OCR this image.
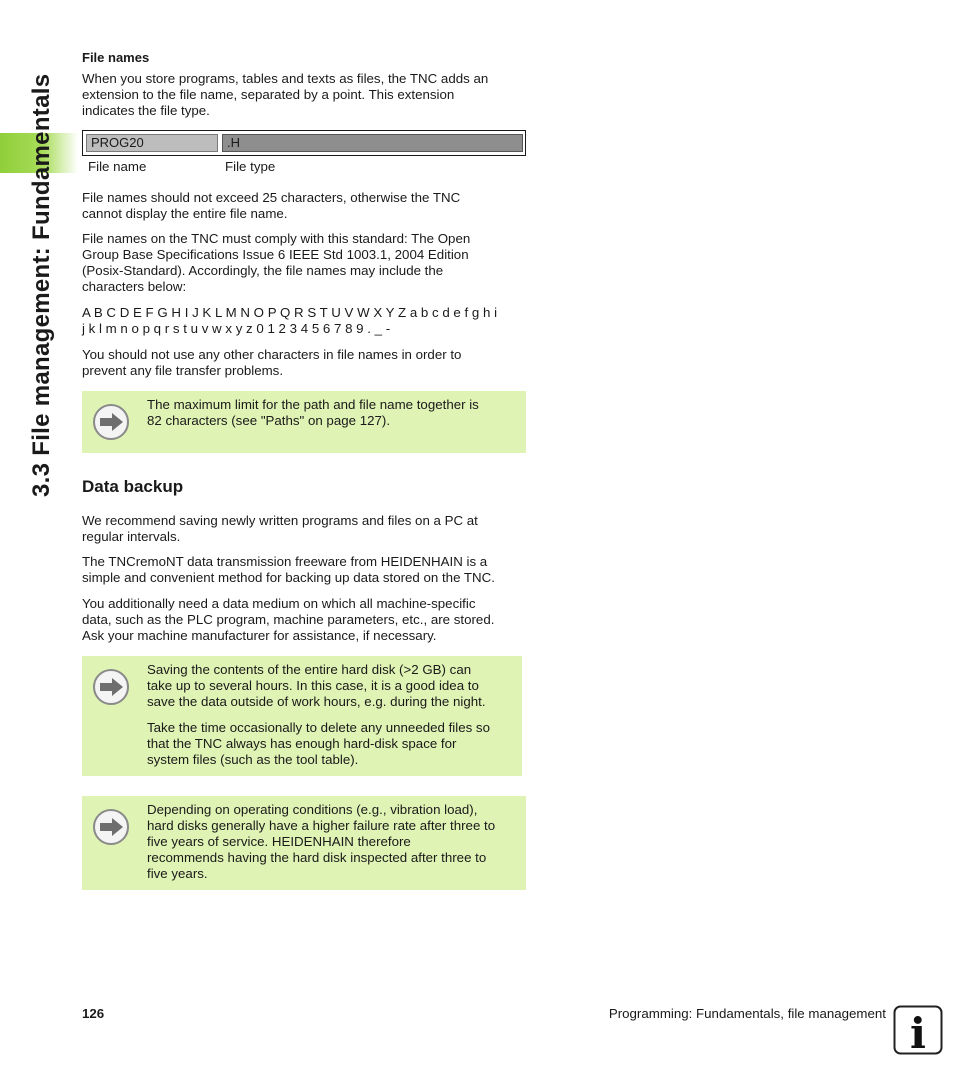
3.3 File management: Fundamentals
File names

When you store programs, tables and texts as files, the TNC adds an
extension to the file name, separated by a point. This extension
indicates the file type.

PROG20	.H
File name	File type

File names should not exceed 25 characters, otherwise the TNC
cannot display the entire file name.

File names on the TNC must comply with this standard: The Open
Group Base Specifications Issue 6 IEEE Std 1003.1, 2004 Edition
(Posix-Standard). Accordingly, the file names may include the
characters below:

A B C D E F G H I J K L M N O P Q R S T U V W X Y Z a b c d e f g h i
j k l m n o p q r s t u v w x y z 0 1 2 3 4 5 6 7 8 9 . _ -

You should not use any other characters in file names in order to
prevent any file transfer problems.

The maximum limit for the path and file name together is
82 characters (see "Paths" on page 127).
Data backup

We recommend saving newly written programs and files on a PC at
regular intervals.

The TNCremoNT data transmission freeware from HEIDENHAIN is a
simple and convenient method for backing up data stored on the TNC.

You additionally need a data medium on which all machine-specific
data, such as the PLC program, machine parameters, etc., are stored.
Ask your machine manufacturer for assistance, if necessary.

Saving the contents of the entire hard disk (>2 GB) can
take up to several hours. In this case, it is a good idea to
save the data outside of work hours, e.g. during the night.
Take the time occasionally to delete any unneeded files so
that the TNC always has enough hard-disk space for
system files (such as the tool table).
Depending on operating conditions (e.g., vibration load),
hard disks generally have a higher failure rate after three to
five years of service. HEIDENHAIN therefore
recommends having the hard disk inspected after three to
five years.
126	Programming: Fundamentals, file management i
